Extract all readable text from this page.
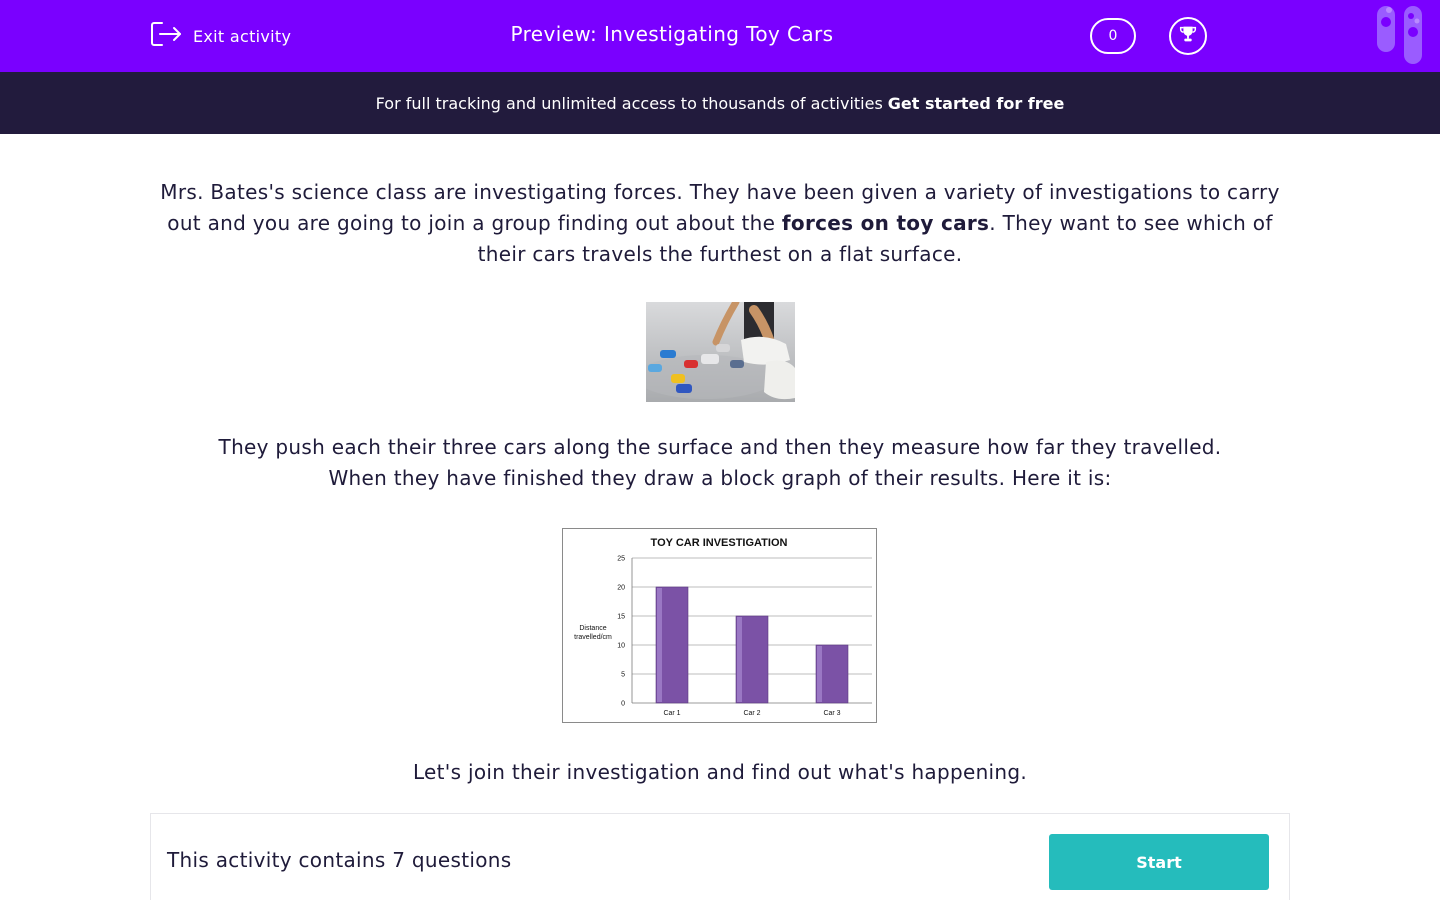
Exit activity	Preview: Investigating Toy Cars	0
For full tracking and unlimited access to thousands of activities Get started for free
Mrs. Bates's science class are investigating forces. They have been given a variety of investigations to carry out and you are going to join a group finding out about the forces on toy cars. They want to see which of their cars travels the furthest on a flat surface.
They push each their three cars along the surface and then they measure how far they travelled.
When they have finished they draw a block graph of their results. Here it is:
TOY CAR INVESTIGATION
Distance
travelled/cm
0
5
10
15
20
25
Car 1	Car 2	Car 3
Let's join their investigation and find out what's happening.
This activity contains 7 questions	Start
